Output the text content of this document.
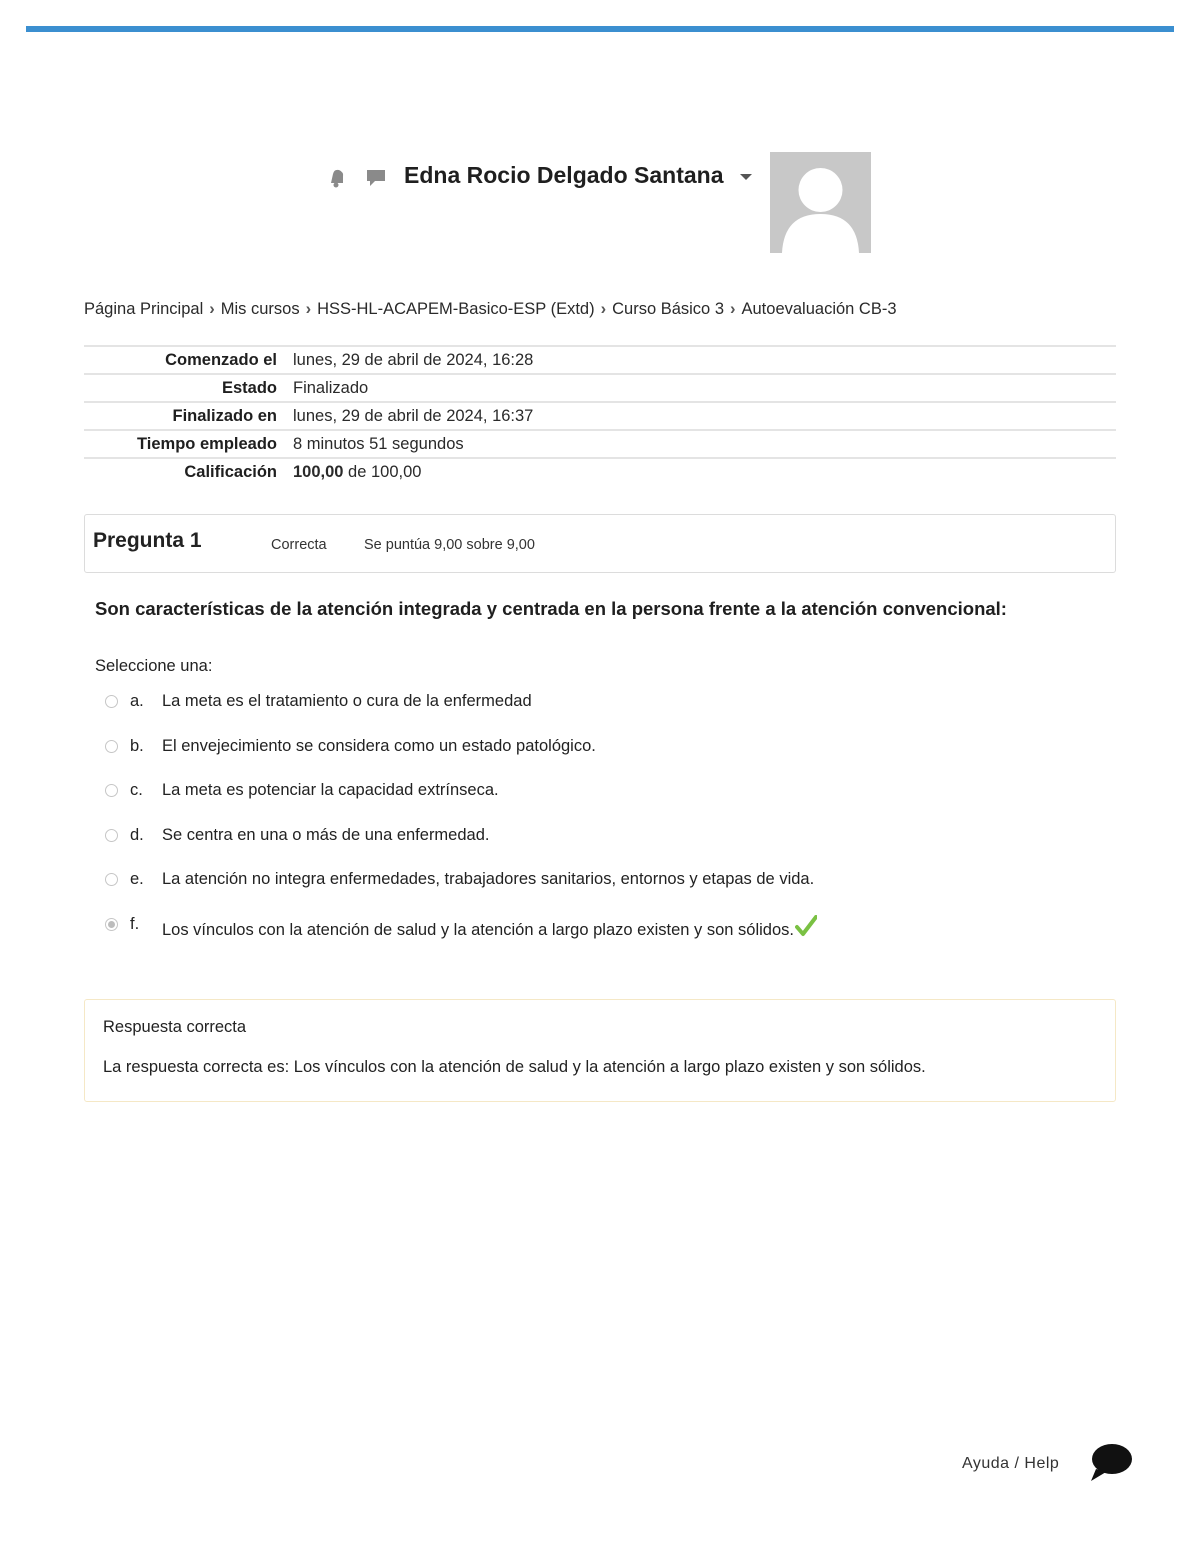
Edna Rocio Delgado Santana
Página Principal › Mis cursos › HSS-HL-ACAPEM-Basico-ESP (Extd) › Curso Básico 3 › Autoevaluación CB-3
Comenzado el	lunes, 29 de abril de 2024, 16:28
Estado	Finalizado
Finalizado en	lunes, 29 de abril de 2024, 16:37
Tiempo empleado	8 minutos 51 segundos
Calificación	100,00 de 100,00
Pregunta 1	Correcta	Se puntúa 9,00 sobre 9,00
Son características de la atención integrada y centrada en la persona frente a la atención convencional:
Seleccione una:
a. La meta es el tratamiento o cura de la enfermedad
b. El envejecimiento se considera como un estado patológico.
c. La meta es potenciar la capacidad extrínseca.
d. Se centra en una o más de una enfermedad.
e. La atención no integra enfermedades, trabajadores sanitarios, entornos y etapas de vida.
f. Los vínculos con la atención de salud y la atención a largo plazo existen y son sólidos.
Respuesta correcta
La respuesta correcta es: Los vínculos con la atención de salud y la atención a largo plazo existen y son sólidos.
Ayuda / Help
